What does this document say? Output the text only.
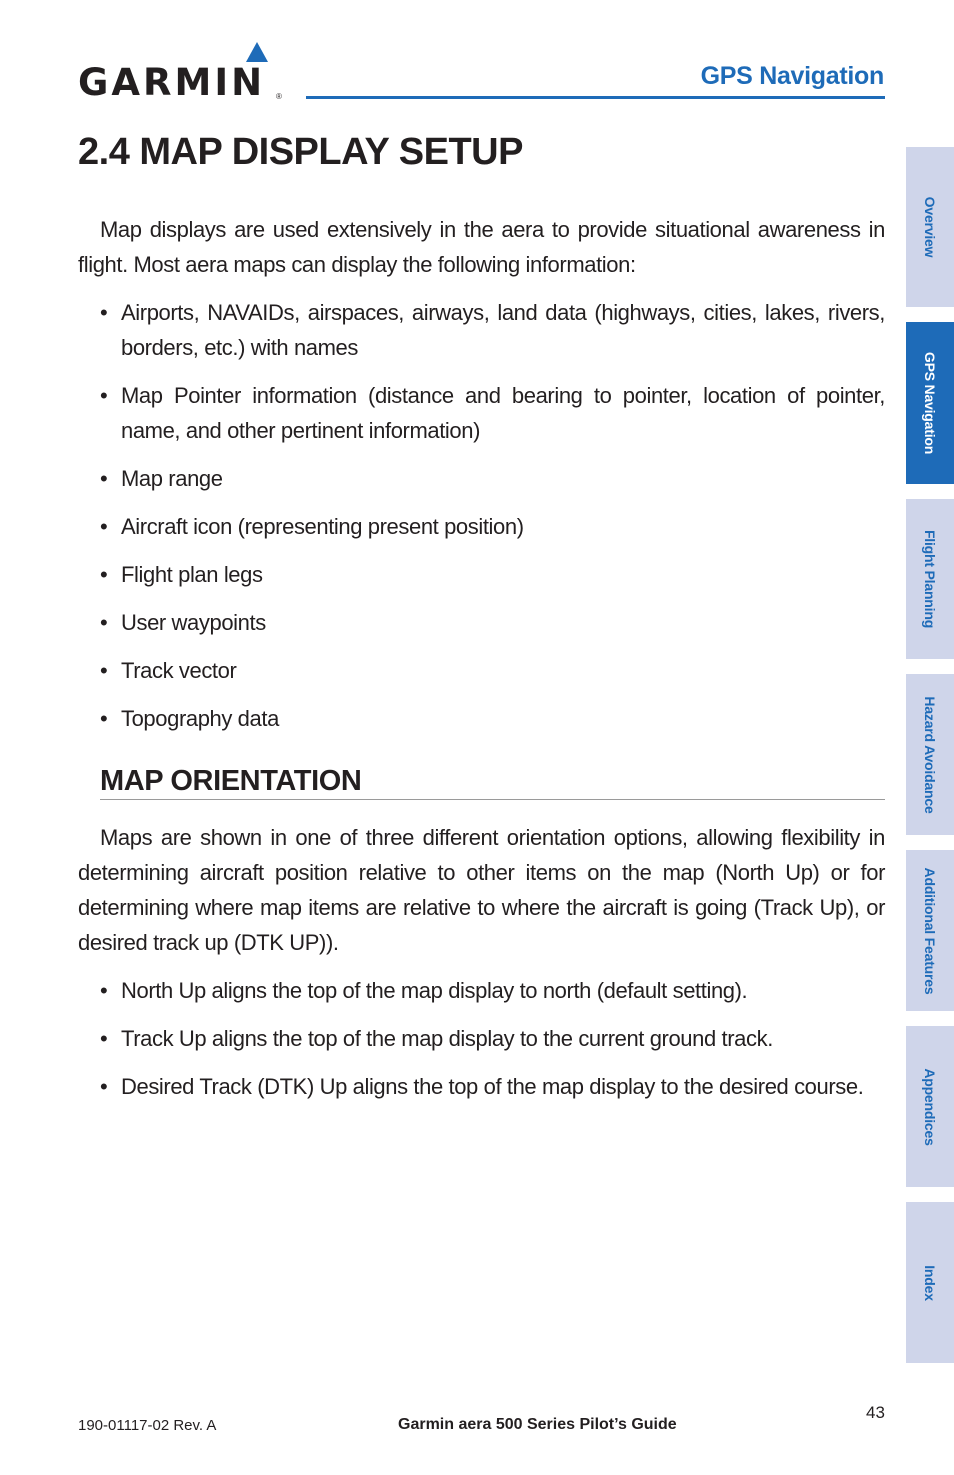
GARMIN ®
GPS Navigation
2.4 MAP DISPLAY SETUP

Map displays are used extensively in the aera to provide situational awareness in flight. Most aera maps can display the following information:

• Airports, NAVAIDs, airspaces, airways, land data (highways, cities, lakes, rivers, borders, etc.) with names
• Map Pointer information (distance and bearing to pointer, location of pointer, name, and other pertinent information)
• Map range
• Aircraft icon (representing present position)
• Flight plan legs
• User waypoints
• Track vector
• Topography data
MAP ORIENTATION

Maps are shown in one of three different orientation options, allowing flexibility in determining aircraft position relative to other items on the map (North Up) or for determining where map items are relative to where the aircraft is going (Track Up), or desired track up (DTK UP)).

• North Up aligns the top of the map display to north (default setting).
• Track Up aligns the top of the map display to the current ground track.
• Desired Track (DTK) Up aligns the top of the map display to the desired course.
Overview
GPS Navigation
Flight Planning
Hazard Avoidance
Additional Features
Appendices
Index
190-01117-02 Rev. A	Garmin aera 500 Series Pilot’s Guide
43
